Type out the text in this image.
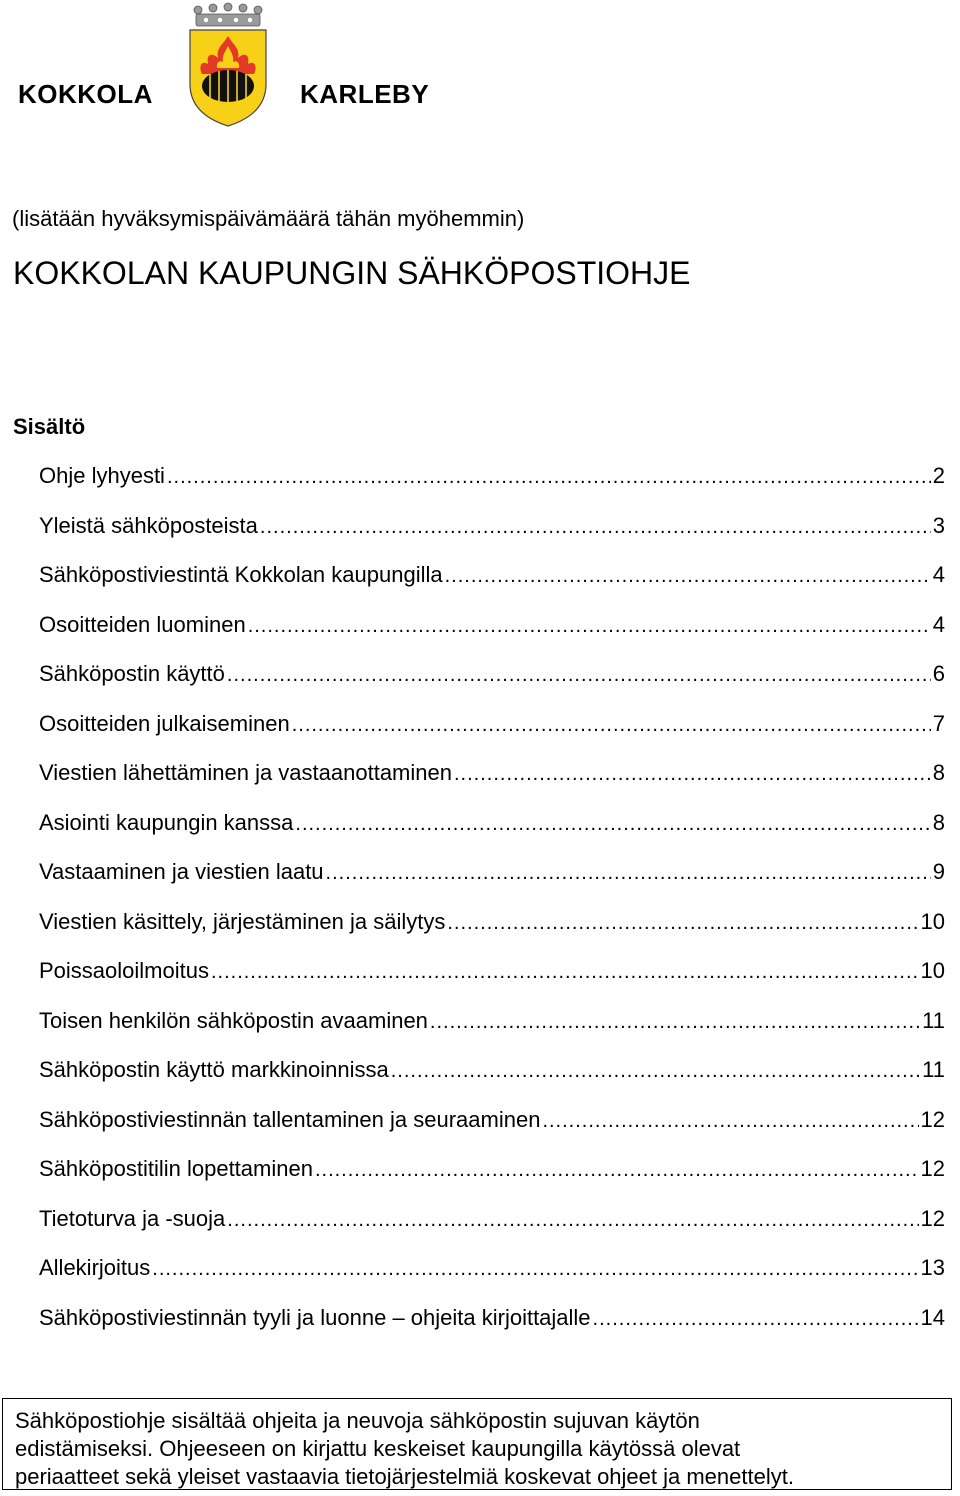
KOKKOLA	KARLEBY
(lisätään hyväksymispäivämäärä tähän myöhemmin)
KOKKOLAN KAUPUNGIN SÄHKÖPOSTIOHJE
Sisältö
Ohje lyhyesti .....	2
Yleistä sähköposteista .....	3
Sähköpostiviestintä Kokkolan kaupungilla .....	4
Osoitteiden luominen .....	4
Sähköpostin käyttö .....	6
Osoitteiden julkaiseminen .....	7
Viestien lähettäminen ja vastaanottaminen .....	8
Asiointi kaupungin kanssa .....	8
Vastaaminen ja viestien laatu .....	9
Viestien käsittely, järjestäminen ja säilytys .....	10
Poissaoloilmoitus .....	10
Toisen henkilön sähköpostin avaaminen .....	11
Sähköpostin käyttö markkinoinnissa .....	11
Sähköpostiviestinnän tallentaminen ja seuraaminen .....	12
Sähköpostitilin lopettaminen .....	12
Tietoturva ja -suoja .....	12
Allekirjoitus .....	13
Sähköpostiviestinnän tyyli ja luonne – ohjeita kirjoittajalle .....	14
Sähköpostiohje sisältää ohjeita ja neuvoja sähköpostin sujuvan käytön
edistämiseksi. Ohjeeseen on kirjattu keskeiset kaupungilla käytössä olevat
periaatteet sekä yleiset vastaavia tietojärjestelmiä koskevat ohjeet ja menettelyt.
